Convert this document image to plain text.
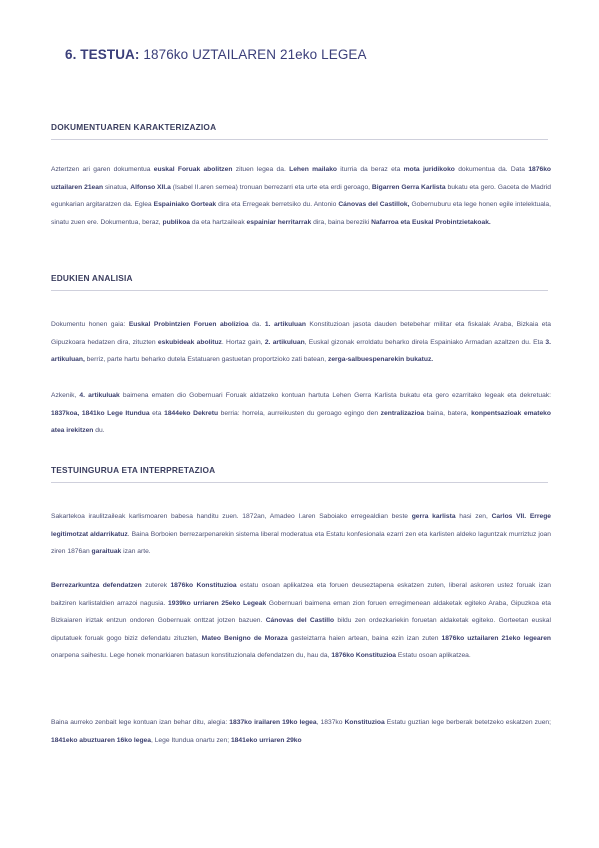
6. TESTUA: 1876ko UZTAILAREN 21eko LEGEA
DOKUMENTUAREN KARAKTERIZAZIOA
Aztertzen ari garen dokumentua euskal Foruak abolitzen zituen legea da. Lehen mailako iturria da beraz eta mota juridikoko dokumentua da. Data 1876ko uztailaren 21ean sinatua, Alfonso XII.a (Isabel II.aren semea) tronuan berrezarri eta urte eta erdi geroago, Bigarren Gerra Karlista bukatu eta gero. Gaceta de Madrid egunkarian argitaratzen da. Eglea Espainiako Gorteak dira eta Erregeak berretsiko du. Antonio Cánovas del Castillok, Gobernuburu eta lege honen egile intelektuala, sinatu zuen ere. Dokumentua, beraz, publikoa da eta hartzaileak espainiar herritarrak dira, baina bereziki Nafarroa eta Euskal Probintzietakoak.
EDUKIEN ANALISIA
Dokumentu honen gaia: Euskal Probintzien Foruen abolizioa da. 1. artikuluan Konstituzioan jasota dauden betebehar militar eta fiskalak Araba, Bizkaia eta Gipuzkoara hedatzen dira, zituzten eskubideak abolituz. Hortaz gain, 2. artikuluan, Euskal gizonak erroldatu beharko direla Espainiako Armadan azaltzen du. Eta 3. artikuluan, berriz, parte hartu beharko dutela Estatuaren gastuetan proportzioko zati batean, zerga-salbuespenarekin bukatuz.
Azkenik, 4. artikuluak baimena ematen dio Gobernuari Foruak aldatzeko kontuan hartuta Lehen Gerra Karlista bukatu eta gero ezarritako legeak eta dekretuak: 1837koa, 1841ko Lege Itundua eta 1844eko Dekretu berria: horrela, aurreikusten du geroago egingo den zentralizazioa baina, batera, konpentsazioak emateko atea irekitzen du.
TESTUINGURUA ETA INTERPRETAZIOA
Sakartekoa iraulitzaileak karlismoaren babesa handitu zuen. 1872an, Amadeo I.aren Saboiako erregealdian beste gerra karlista hasi zen, Carlos VII. Errege legitimotzat aldarrikatuz. Baina Borboien berrezarpenarekin sistema liberal moderatua eta Estatu konfesionala ezarri zen eta karlisten aldeko laguntzak murriztuz joan ziren 1876an garaituak izan arte.
Berrezarkuntza defendatzen zuterek 1876ko Konstituzioa estatu osoan aplikatzea eta foruen deuseztapena eskatzen zuten, liberal askoren ustez foruak izan baitziren karlistaldien arrazoi nagusia. 1939ko urriaren 25eko Legeak Gobernuari baimena eman zion foruen erregimenean aldaketak egiteko Araba, Gipuzkoa eta Bizkaiaren iriztak entzun ondoren Gobernuak onttzat jotzen bazuen. Cánovas del Castillo bildu zen ordezkariekin foruetan aldaketak egiteko. Gorteetan euskal diputatuek foruak gogo biziz defendatu zituzten, Mateo Benigno de Moraza gasteiztarra haien artean, baina ezin izan zuten 1876ko uztailaren 21eko legearen onarpena saihestu. Lege honek monarkiaren batasun konstituzionala defendatzen du, hau da, 1876ko Konstituzioa Estatu osoan aplikatzea.
Baina aurreko zenbait lege kontuan izan behar ditu, alegia: 1837ko irailaren 19ko legea, 1837ko Konstituzioa Estatu guztian lege berberak betetzeko eskatzen zuen; 1841eko abuztuaren 16ko legea, Lege Itundua onartu zen; 1841eko urriaren 29ko
